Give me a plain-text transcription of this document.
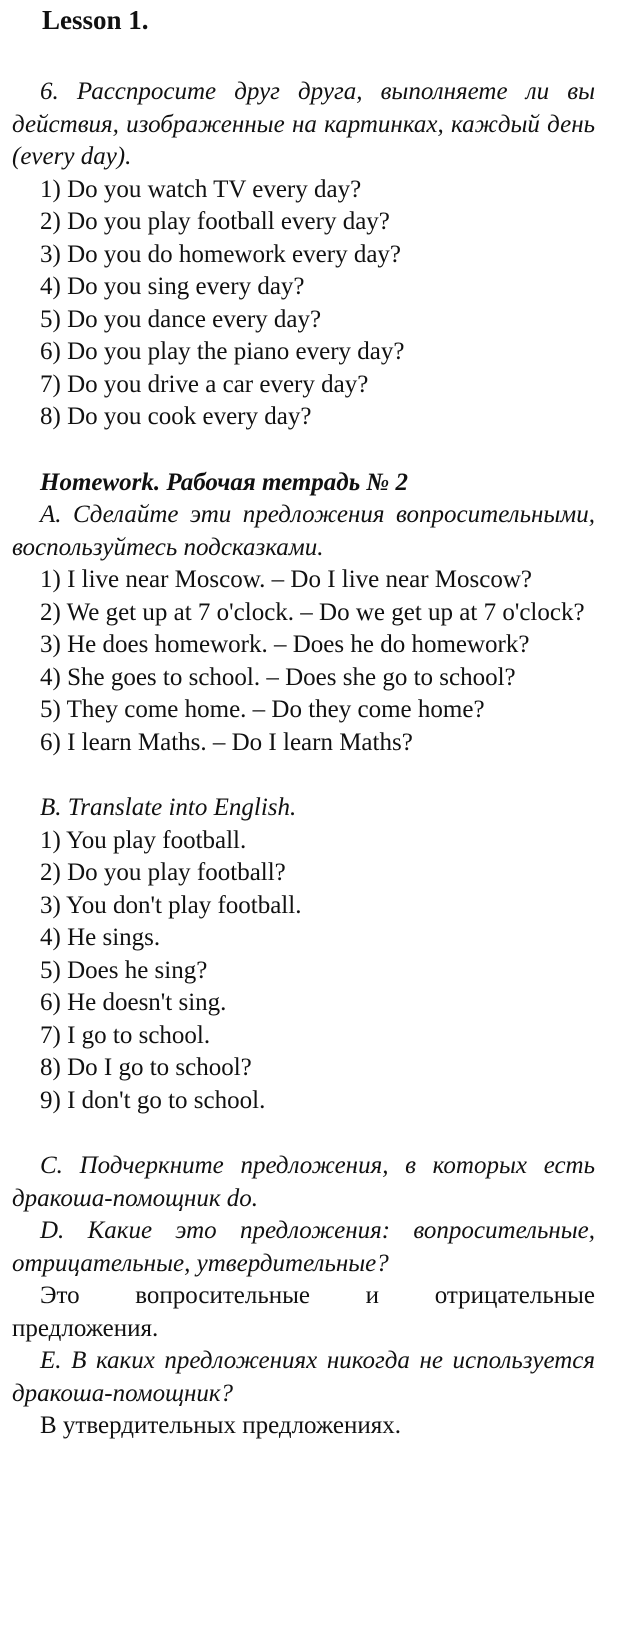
Lesson 1.

6. Расспросите друг друга, выполняете ли вы действия, изображенные на картинках, каждый день (every day).

1) Do you watch TV every day?
2) Do you play football every day?
3) Do you do homework every day?
4) Do you sing every day?
5) Do you dance every day?
6) Do you play the piano every day?
7) Do you drive a car every day?
8) Do you cook every day?

Homework. Рабочая тетрадь № 2

A. Сделайте эти предложения вопросительными, воспользуйтесь подсказками.

1) I live near Moscow. – Do I live near Moscow?

2) We get up at 7 o'clock. – Do we get up at 7 o'clock?

3) He does homework. – Does he do homework?

4) She goes to school. – Does she go to school?

5) They come home. – Do they come home?

6) I learn Maths. – Do I learn Maths?

B. Translate into English.

1) You play football.
2) Do you play football?
3) You don't play football.
4) He sings.
5) Does he sing?
6) He doesn't sing.
7) I go to school.
8) Do I go to school?
9) I don't go to school.

C. Подчеркните предложения, в которых есть дракоша-помощник do.

D. Какие это предложения: вопросительные, отрицательные, утвердительные?

Это вопросительные и отрицательные предложения.

E. В каких предложениях никогда не используется дракоша-помощник?

В утвердительных предложениях.
